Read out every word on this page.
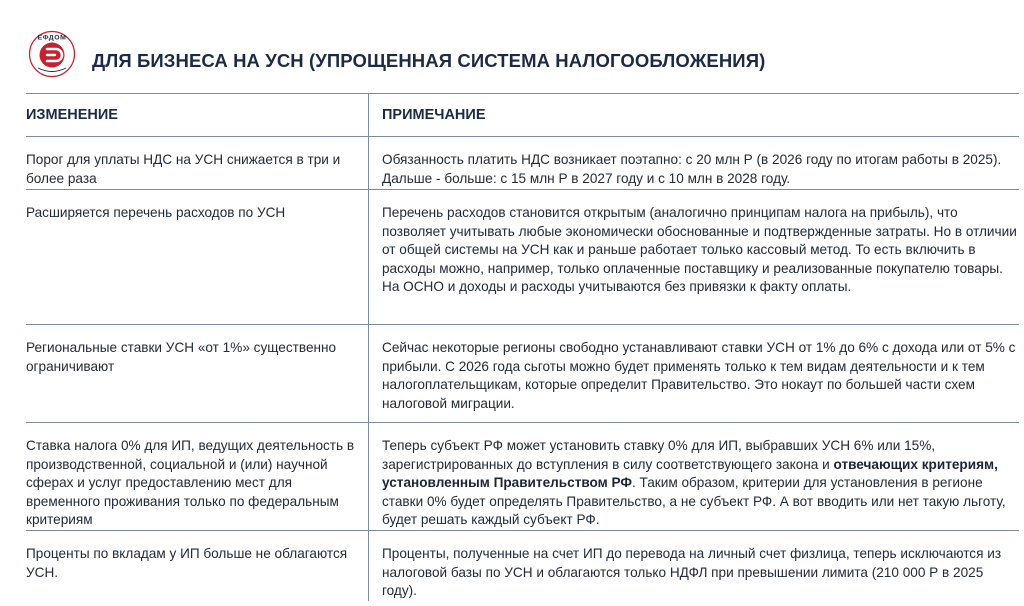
ЕФДОМ
ДЛЯ БИЗНЕСА НА УСН (УПРОЩЕННАЯ СИСТЕМА НАЛОГООБЛОЖЕНИЯ)
ИЗМЕНЕНИЕ	ПРИМЕЧАНИЕ

Порог для уплаты НДС на УСН снижается в три и более раза	Обязанность платить НДС возникает поэтапно: с 20 млн Р (в 2026 году по итогам работы в 2025). Дальше - больше: с 15 млн Р в 2027 году и с 10 млн в 2028 году.

Расширяется перечень расходов по УСН	Перечень расходов становится открытым (аналогично принципам налога на прибыль), что позволяет учитывать любые экономически обоснованные и подтвержденные затраты. Но в отличии от общей системы на УСН как и раньше работает только кассовый метод. То есть включить в расходы можно, например, только оплаченные поставщику и реализованные покупателю товары. На ОСНО и доходы и расходы учитываются без привязки к факту оплаты.

Региональные ставки УСН «от 1%» существенно ограничивают	Сейчас некоторые регионы свободно устанавливают ставки УСН от 1% до 6% с дохода или от 5% с прибыли. С 2026 года сьготы можно будет применять только к тем видам деятельности и к тем налогоплательщикам, которые определит Правительство. Это нокаут по большей части схем налоговой миграции.

Ставка налога 0% для ИП, ведущих деятельность в производственной, социальной и (или) научной сферах и услуг предоставлению мест для временного проживания только по федеральным критериям	Теперь субъект РФ может установить ставку 0% для ИП, выбравших УСН 6% или 15%, зарегистрированных до вступления в силу соответствующего закона и отвечающих критериям, установленным Правительством РФ. Таким образом, критерии для установления в регионе ставки 0% будет определять Правительство, а не субъект РФ. А вот вводить или нет такую льготу, будет решать каждый субъект РФ.

Проценты по вкладам у ИП больше не облагаются УСН.	Проценты, полученные на счет ИП до перевода на личный счет физлица, теперь исключаются из налоговой базы по УСН и облагаются только НДФЛ при превышении лимита (210 000 Р в 2025 году).
